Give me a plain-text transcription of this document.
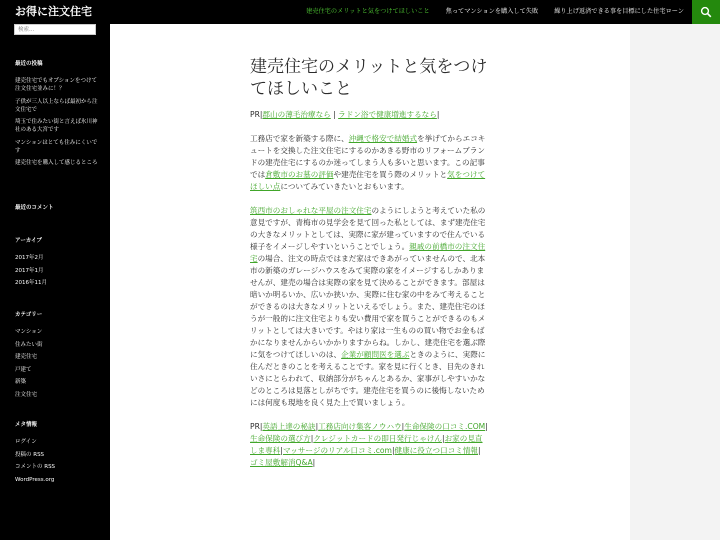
お得に注文住宅	建売住宅のメリットと気をつけてほしいこと	焦ってマンションを購入して失敗	繰り上げ返済できる事を目標にした住宅ローン
検索...
最近の投稿
建売住宅でもオプションをつけて注文住宅並みに！？
子供が三人以上ならば最初から注文住宅で
埼玉で住みたい街と言えば氷川神社のある大宮です
マンションはとても住みにくいです
建売住宅を購入して感じるところ
最近のコメント
アーカイブ
2017年2月
2017年1月
2016年11月
カテゴリー
マンション
住みたい街
建売住宅
戸建て
新築
注文住宅
メタ情報
ログイン
投稿の RSS
コメントの RSS
WordPress.org
建売住宅のメリットと気をつけてほしいこと

PR|郡山の薄毛治療なら | ラドン浴で健康増進するなら|

工務店で家を新築する際に、沖縄で格安で結婚式を挙げてからエコキュートを交換した注文住宅にするのかあきる野市のリフォームブランドの建売住宅にするのか迷ってしまう人も多いと思います。この記事では倉敷市のお墓の評価や建売住宅を買う際のメリットと気をつけてほしい点についてみていきたいとおもいます。

筑西市のおしゃれな平屋の注文住宅のようにしようと考えていた私の意見ですが、青梅市の見学会を見て回った私としては、まず建売住宅の大きなメリットとしては、実際に家が建っていますので住んでいる様子をイメージしやすいということでしょう。親戚の前橋市の注文住宅の場合、注文の時点ではまだ家はできあがっていませんので、北本市の新築のガレージハウスをみて実際の家をイメージするしかありませんが、建売の場合は実際の家を見て決めることができます。部屋は暗いか明るいか、広いか狭いか、実際に住む家の中をみて考えることができるのは大きなメリットといえるでしょう。また、建売住宅のほうが一般的に注文住宅よりも安い費用で家を買うことができるのもメリットとしては大きいです。やはり家は一生ものの買い物でお金もばかになりませんからいかかりますからね。しかし、建売住宅を選ぶ際に気をつけてほしいのは、企業が顧問医を選ぶときのように、実際に住んだときのことを考えることです。家を見に行くとき、目先のきれいさにとらわれて、収納部分がちゃんとあるか、家事がしやすいかなどのところは見落としがちです。建売住宅を買うのに後悔しないためには何度も現地を良く見た上で買いましょう。

PR|英語上達の秘訣|工務店向け集客ノウハウ|生命保険の口コミ.COM|生命保険の選び方|クレジットカードの即日発行じゃけん|お家の見直しま専科|マッサージのリアル口コミ.com|健康に役立つ口コミ情報|ゴミ屋敷解消Q&A|
